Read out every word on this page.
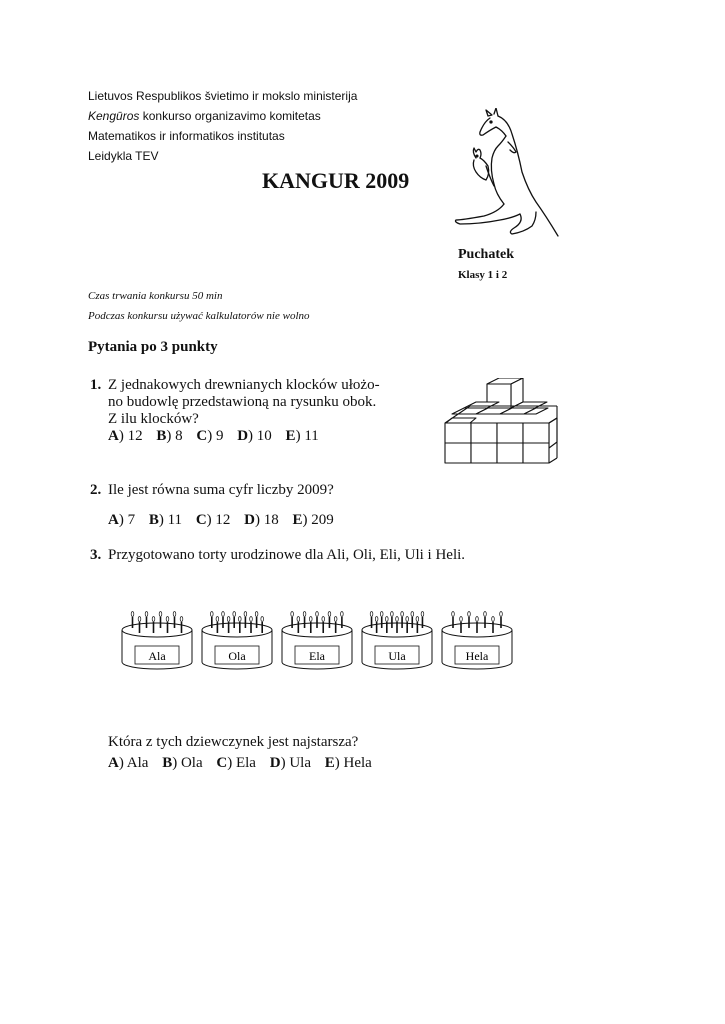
Lietuvos Respublikos švietimo ir mokslo ministerija
Kengūros konkurso organizavimo komitetas
Matematikos ir informatikos institutas
Leidykla TEV
KANGUR 2009
Puchatek
Klasy 1 i 2
Czas trwania konkursu 50 min
Podczas konkursu używać kalkulatorów nie wolno
Pytania po 3 punkty
1. Z jednakowych drewnianych klocków ułożo-
no budowlę przedstawioną na rysunku obok.
Z ilu klocków?
A) 12 B) 8 C) 9 D) 10 E) 11
2. Ile jest równa suma cyfr liczby 2009?
A) 7 B) 11 C) 12 D) 18 E) 209
3. Przygotowano torty urodzinowe dla Ali, Oli, Eli, Uli i Heli.
Ala	Ola	Ela	Ula	Hela
Która z tych dziewczynek jest najstarsza?
A) Ala B) Ola C) Ela D) Ula E) Hela
